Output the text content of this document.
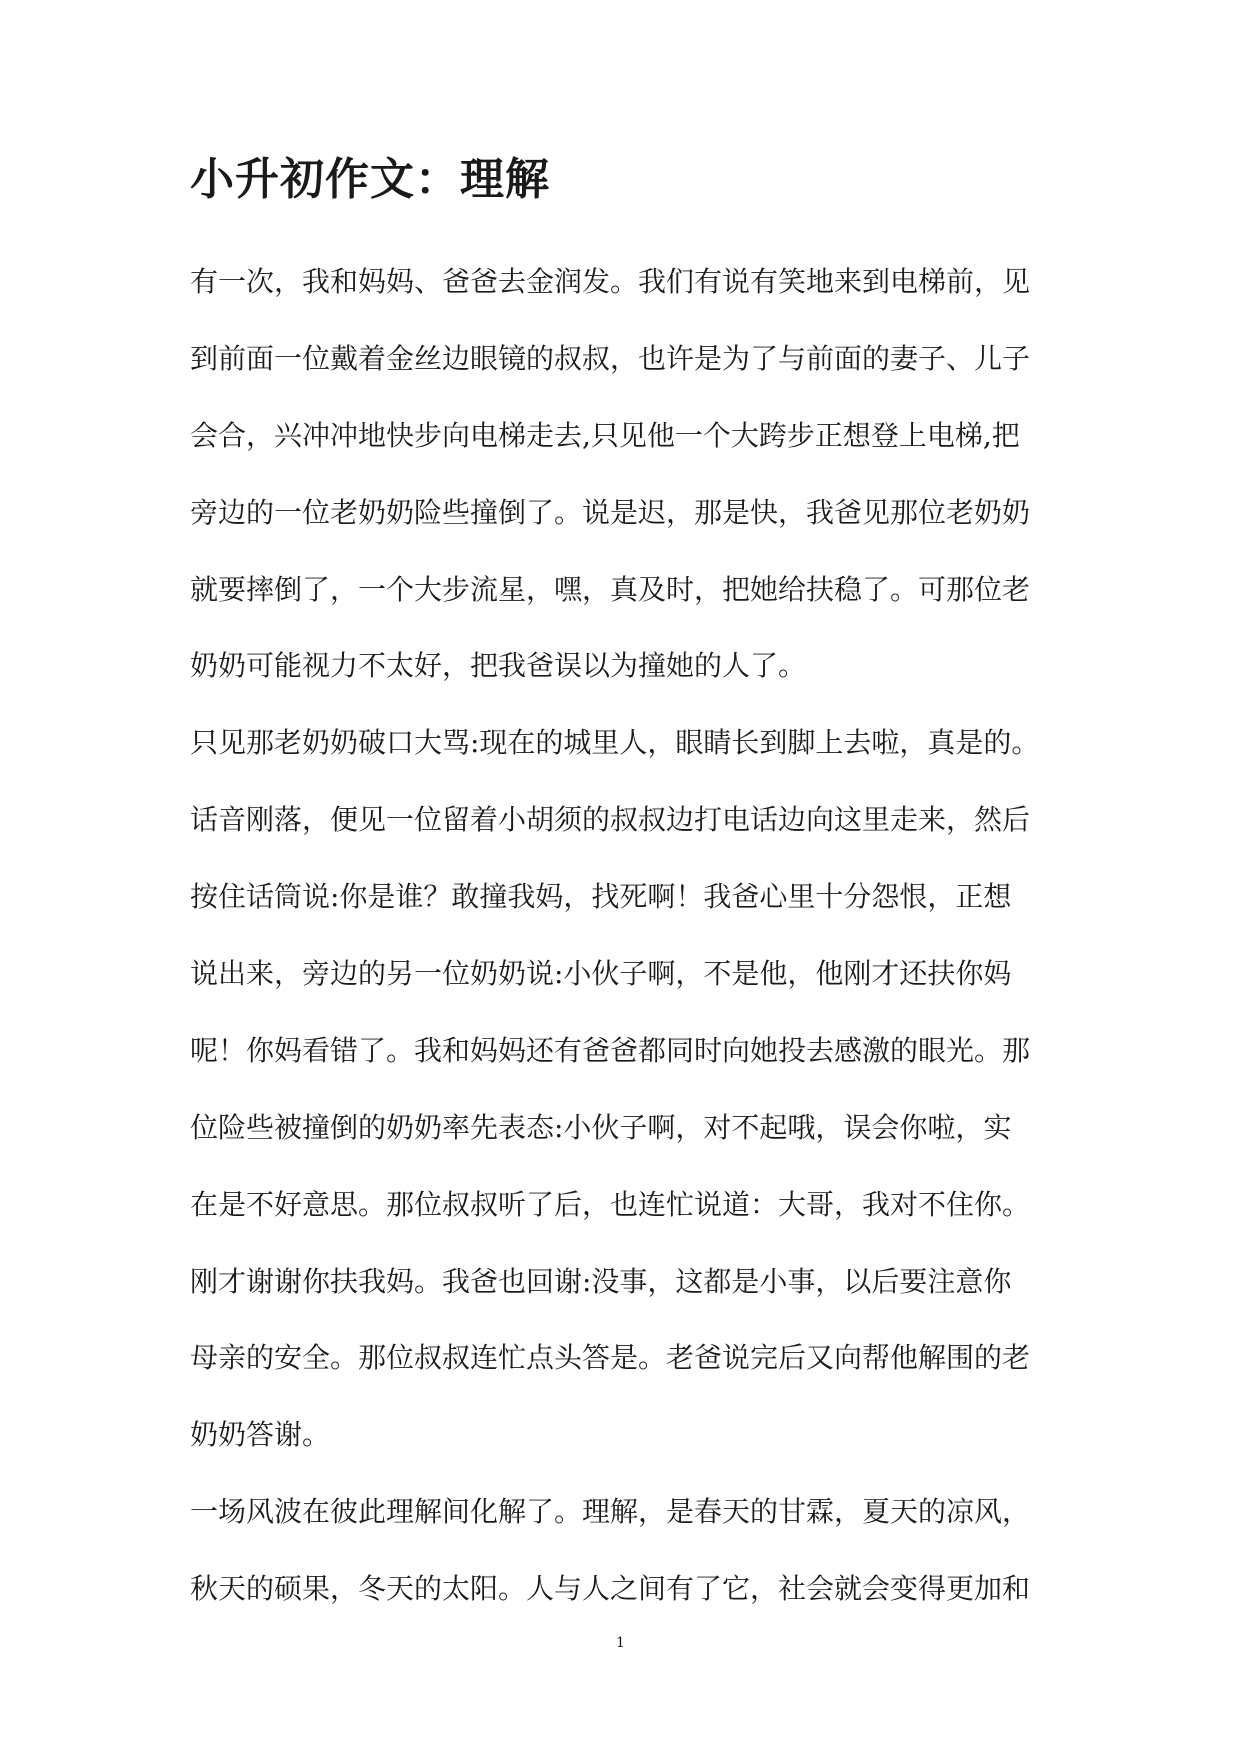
小升初作文：理解
有一次，我和妈妈、爸爸去金润发。我们有说有笑地来到电梯前，见
到前面一位戴着金丝边眼镜的叔叔，也许是为了与前面的妻子、儿子
会合，兴冲冲地快步向电梯走去,只见他一个大跨步正想登上电梯,把
旁边的一位老奶奶险些撞倒了。说是迟，那是快，我爸见那位老奶奶
就要摔倒了，一个大步流星，嘿，真及时，把她给扶稳了。可那位老
奶奶可能视力不太好，把我爸误以为撞她的人了。
只见那老奶奶破口大骂:现在的城里人，眼睛长到脚上去啦，真是的。
话音刚落，便见一位留着小胡须的叔叔边打电话边向这里走来，然后
按住话筒说:你是谁？敢撞我妈，找死啊！我爸心里十分怨恨，正想
说出来，旁边的另一位奶奶说:小伙子啊，不是他，他刚才还扶你妈
呢！你妈看错了。我和妈妈还有爸爸都同时向她投去感激的眼光。那
位险些被撞倒的奶奶率先表态:小伙子啊，对不起哦，误会你啦，实
在是不好意思。那位叔叔听了后，也连忙说道：大哥，我对不住你。
刚才谢谢你扶我妈。我爸也回谢:没事，这都是小事，以后要注意你
母亲的安全。那位叔叔连忙点头答是。老爸说完后又向帮他解围的老
奶奶答谢。
一场风波在彼此理解间化解了。理解，是春天的甘霖，夏天的凉风，
秋天的硕果，冬天的太阳。人与人之间有了它，社会就会变得更加和
1
